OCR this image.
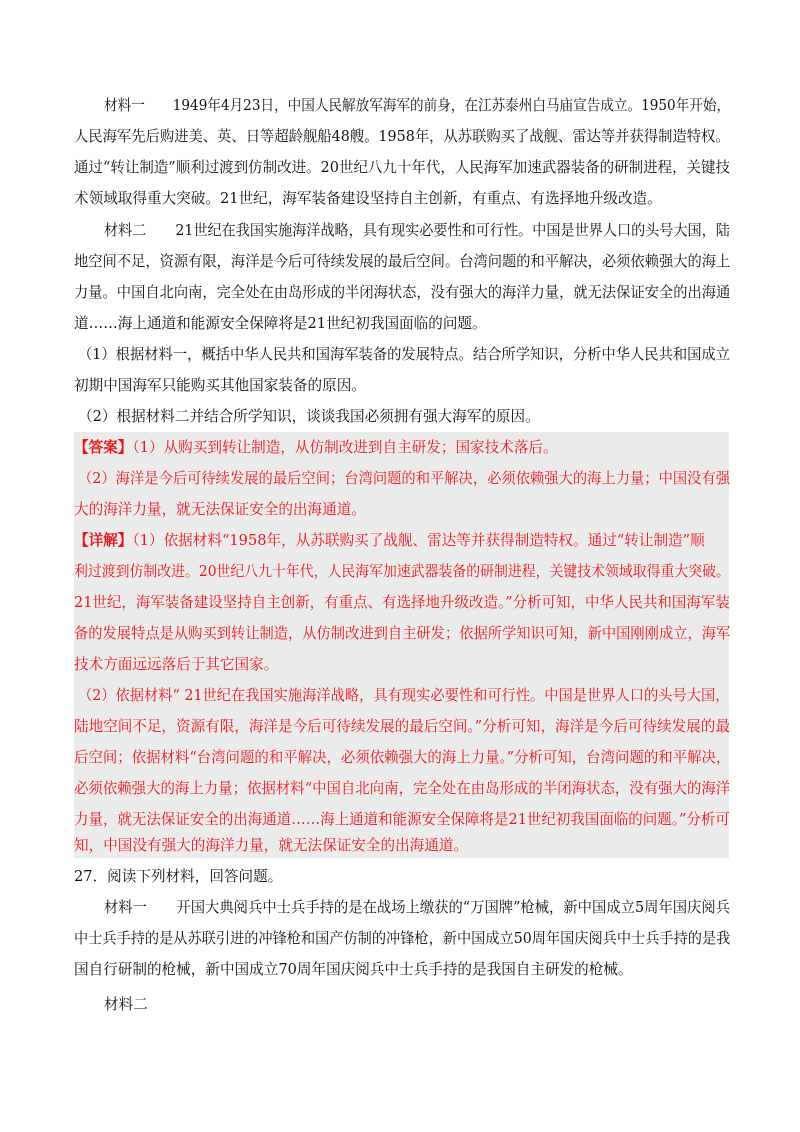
材料一 1949年4月23日，中国人民解放军海军的前身，在江苏泰州白马庙宣告成立。1950年开始，
人民海军先后购进美、英、日等超龄舰船48艘。1958年，从苏联购买了战舰、雷达等并获得制造特权。
通过“转让制造”顺利过渡到仿制改进。20世纪八九十年代，人民海军加速武器装备的研制进程，关键技
术领域取得重大突破。21世纪，海军装备建设坚持自主创新，有重点、有选择地升级改造。
材料二 21世纪在我国实施海洋战略，具有现实必要性和可行性。中国是世界人口的头号大国，陆
地空间不足，资源有限，海洋是今后可待续发展的最后空间。台湾问题的和平解决，必须依赖强大的海上
力量。中国自北向南，完全处在由岛形成的半闭海状态，没有强大的海洋力量，就无法保证安全的出海通
道……海上通道和能源安全保障将是21世纪初我国面临的问题。
（1）根据材料一，概括中华人民共和国海军装备的发展特点。结合所学知识，分析中华人民共和国成立
初期中国海军只能购买其他国家装备的原因。
（2）根据材料二并结合所学知识，谈谈我国必须拥有强大海军的原因。
【答案】（1）从购买到转让制造，从仿制改进到自主研发；国家技术落后。
（2）海洋是今后可待续发展的最后空间；台湾问题的和平解决，必须依赖强大的海上力量；中国没有强
大的海洋力量，就无法保证安全的出海通道。
【详解】（1）依据材料“1958年，从苏联购买了战舰、雷达等并获得制造特权。通过“转让制造”顺
利过渡到仿制改进。20世纪八九十年代，人民海军加速武器装备的研制进程，关键技术领域取得重大突破。
21世纪，海军装备建设坚持自主创新，有重点、有选择地升级改造。”分析可知，中华人民共和国海军装
备的发展特点是从购买到转让制造，从仿制改进到自主研发；依据所学知识可知，新中国刚刚成立，海军
技术方面远远落后于其它国家。
（2）依据材料“ 21世纪在我国实施海洋战略，具有现实必要性和可行性。中国是世界人口的头号大国，
陆地空间不足，资源有限，海洋是今后可待续发展的最后空间。”分析可知，海洋是今后可待续发展的最
后空间；依据材料“台湾问题的和平解决，必须依赖强大的海上力量。”分析可知，台湾问题的和平解决，
必须依赖强大的海上力量；依据材料“中国自北向南，完全处在由岛形成的半闭海状态，没有强大的海洋
力量，就无法保证安全的出海通道……海上通道和能源安全保障将是21世纪初我国面临的问题。”分析可
知，中国没有强大的海洋力量，就无法保证安全的出海通道。
27．阅读下列材料，回答问题。
材料一 开国大典阅兵中士兵手持的是在战场上缴获的“万国牌”枪械，新中国成立5周年国庆阅兵
中士兵手持的是从苏联引进的冲锋枪和国产仿制的冲锋枪，新中国成立50周年国庆阅兵中士兵手持的是我
国自行研制的枪械，新中国成立70周年国庆阅兵中士兵手持的是我国自主研发的枪械。
材料二
